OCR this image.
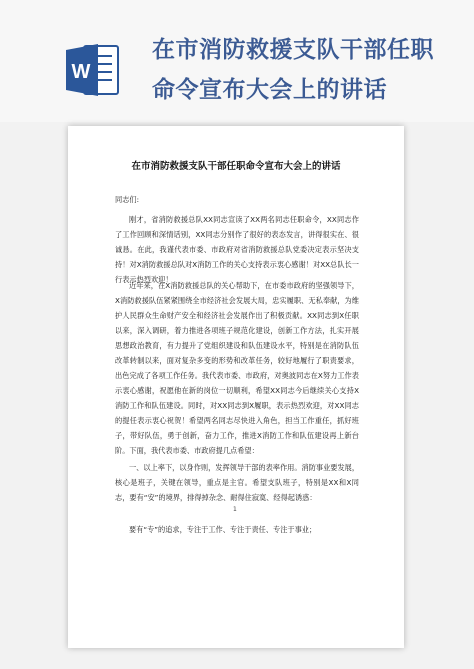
W
在市消防救援支队干部任职命令宣布大会上的讲话
在市消防救援支队干部任职命令宣布大会上的讲话
同志们:
刚才，省消防救援总队XX同志宣读了XX两名同志任职命令，XX同志作了工作回顾和深情话别，XX同志分别作了很好的表态发言，讲得很实在、很诚恳。在此，我谨代表市委、市政府对省消防救援总队党委决定表示坚决支持！对X消防救援总队对X消防工作的关心支持表示衷心感谢！对XX总队长一行表示热烈欢迎！
近年来，在X消防救援总队的关心帮助下，在市委市政府的坚强领导下，X消防救援队伍紧紧围绕全市经济社会发展大局，忠实履职、无私奉献，为维护人民群众生命财产安全和经济社会发展作出了积极贡献。XX同志到X任职以来，深入调研，着力推进各项班子规范化建设，创新工作方法，扎实开展思想政治教育，有力提升了党组织建设和队伍建设水平，特别是在消防队伍改革转制以来，面对复杂多变的形势和改革任务，较好地履行了职责要求，出色完成了各项工作任务。我代表市委、市政府，对奥波同志在X努力工作表示衷心感谢，祝愿他在新的岗位一切顺利，希望XX同志今后继续关心支持X消防工作和队伍建设。同时，对XX同志到X履职，表示热烈欢迎，对XX同志的提任表示衷心祝贺！希望两名同志尽快进入角色，担当工作重任，抓好班子，带好队伍，勇于创新，奋力工作，推进X消防工作和队伍建设再上新台阶。下面，我代表市委、市政府提几点希望：
一、以上率下，以身作则，发挥领导干部的表率作用。消防事业要发展，核心是班子，关键在领导，重点是主官。希望支队班子，特别是XX和X同志，要有“安”的境界，排得掉杂念、耐得住寂寞、经得起诱惑：
要有“专”的追求，专注于工作、专注于责任、专注于事业；
1
